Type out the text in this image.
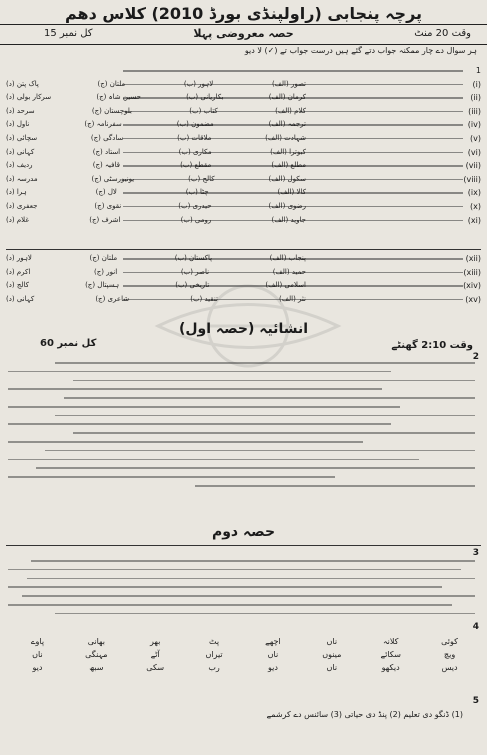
پرچہ پنجابی (راولپنڈی بورڈ 2010) کلاس دھم
وقت 20 منٹ
حصہ معروضی پہلا
کل نمبر 15
ہر سوال دے چار ممکنہ جواب دتے گئے ہیں درست جواب تے (✓) لا دیو
1
(i)
(د) پاک پتن	(ج) ملتان	(ب) لاہور	(الف) تصور
(ii)
(د) سرکار بولی	(ج) حسین شاہ	(ب) بکاریانی	(الف) کرمان
(iii)
(د) سرحد	(ج) بلوچستان	(ب) کتاب	(الف) کلام
(iv)
(د) ناول	(ج) سفرنامہ	(ب) مضمون	(الف) ترجمہ
(v)
(د) سچائی	(ج) سادگی	(ب) ملاقات	(الف) شہادت
(vi)
(د) کہانی	(ج) استاد	(ب) مکاری	(الف) کبوترا
(vii)
(د) ردیف	(ج) قافیہ	(ب) مقطع	(الف) مطلع
(viii)
(د) مدرسہ	(ج) یونیورسٹی	(ب) کالج	(الف) سکول
(ix)
(د) ہرا	(ج) لال	(ب) چٹا	(الف) کالا
(x)
(د) جعفری	(ج) نقوی	(ب) حیدری	(الف) رضوی
(xi)
(د) غلام	(ج) اشرف	(ب) رومی	(الف) جاوید
(xii)
(د) لاہور	(ج) ملتان	(ب) پاکستان	(الف) پنجاب
(xiii)
(د) اکرم	(ج) انور	(ب) ناصر	(الف) حمید
(xiv)
(د) کالج	(ج) ہسپتال	(ب) تاریخی	(الف) اسلامی
(xv)
(د) کہانی	(ج) شاعری	(ب) تنقید	(الف) نثر
انشائیہ (حصہ اول)
وقت 2:10 گھنٹے
کل نمبر 60
2
حصہ دوم
3
4
پاوے	بھانی	بھر	پٹ	اچھے	ناں	کلانہ	کوئی
ناں	مہنگی	آٹے	تیراں	ناں	مینوں	سکائے	ویچ
دیو	سبھ	سکی	رب	دیو	ناں	دیکھو	دیس
5
(1) ڈنگو دی تعلیم (2) پنڈ دی حیاتی (3) سائنس دے کرشمے
